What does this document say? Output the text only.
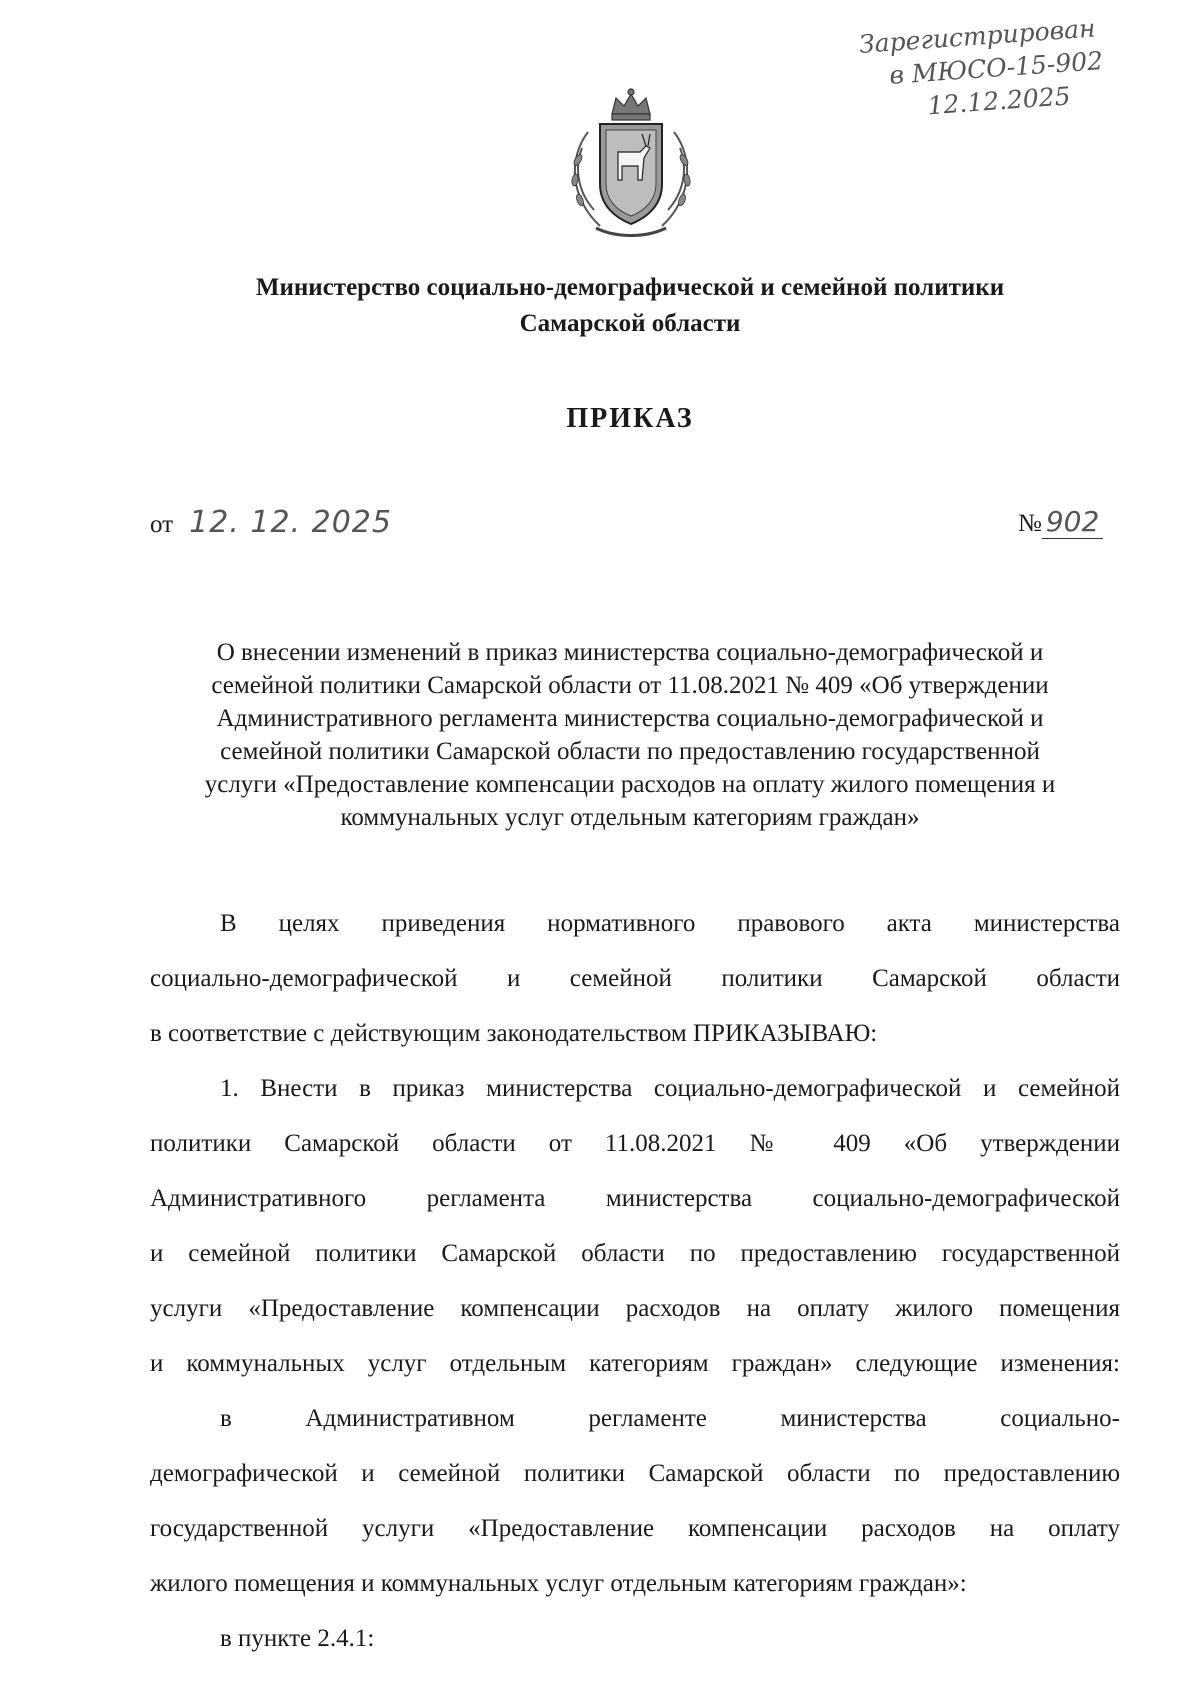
Зарегистрирован
в МЮСО-15-902
12.12.2025
Министерство социально-демографической и семейной политики
Самарской области
ПРИКАЗ
от 12. 12. 2025	№ 902
О внесении изменений в приказ министерства социально-демографической и
семейной политики Самарской области от 11.08.2021 № 409 «Об утверждении
Административного регламента министерства социально-демографической и
семейной политики Самарской области по предоставлению государственной
услуги «Предоставление компенсации расходов на оплату жилого помещения и
коммунальных услуг отдельным категориям граждан»
В целях приведения нормативного правового акта министерства
социально-демографической и семейной политики Самарской области
в соответствие с действующим законодательством ПРИКАЗЫВАЮ:
1. Внести в приказ министерства социально-демографической и семейной
политики Самарской области от 11.08.2021 № 409 «Об утверждении
Административного регламента министерства социально-демографической
и семейной политики Самарской области по предоставлению государственной
услуги «Предоставление компенсации расходов на оплату жилого помещения
и коммунальных услуг отдельным категориям граждан» следующие изменения:
в Административном регламенте министерства социально-
демографической и семейной политики Самарской области по предоставлению
государственной услуги «Предоставление компенсации расходов на оплату
жилого помещения и коммунальных услуг отдельным категориям граждан»:
в пункте 2.4.1:
